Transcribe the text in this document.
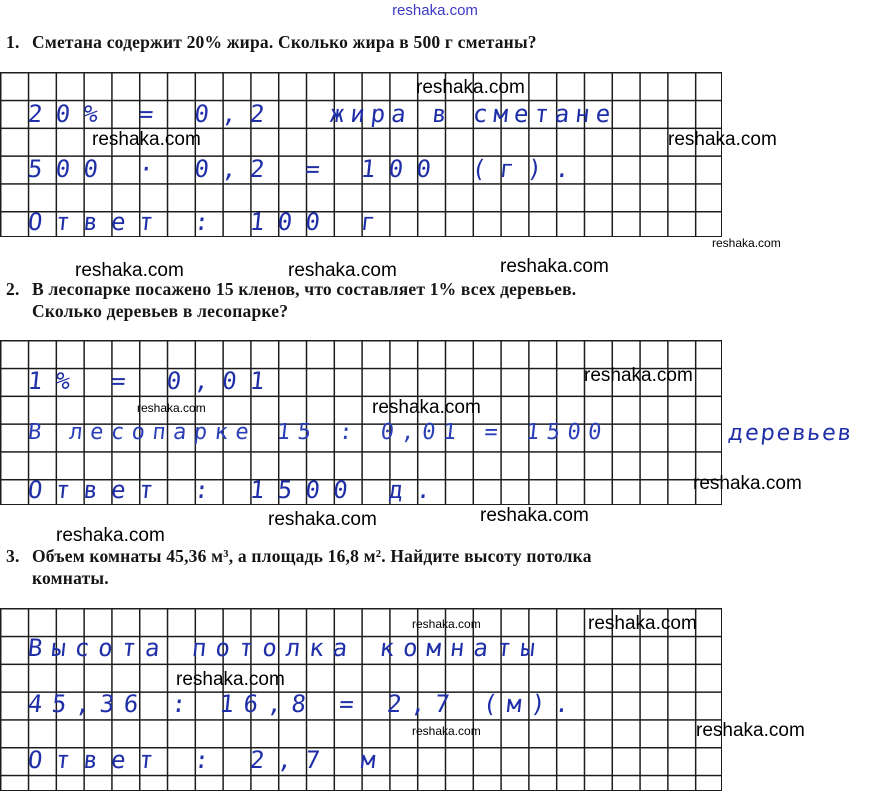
reshaka.com
1. Сметана содержит 20% жира. Сколько жира в 500 г сметаны?
20% = 0,2 жира в сметане
500 · 0,2 = 100 (г).
Ответ : 100 г
2. В лесопарке посажено 15 кленов, что составляет 1% всех деревьев.
Сколько деревьев в лесопарке?
1% = 0,01
В лесопарке 15 : 0,01 = 1500	деревьев
Ответ : 1500 д.
3. Объем комнаты 45,36 м³, а площадь 16,8 м². Найдите высоту потолка
комнаты.
Высота потолка комнаты
45,36 : 16,8 = 2,7 (м).
Ответ : 2,7 м
reshaka.com
reshaka.com	reshaka.com
reshaka.com
reshaka.com	reshaka.com	reshaka.com
reshaka.com
reshaka.com	reshaka.com
reshaka.com
reshaka.com	reshaka.com
reshaka.com
reshaka.com	reshaka.com
reshaka.com
reshaka.com	reshaka.com
